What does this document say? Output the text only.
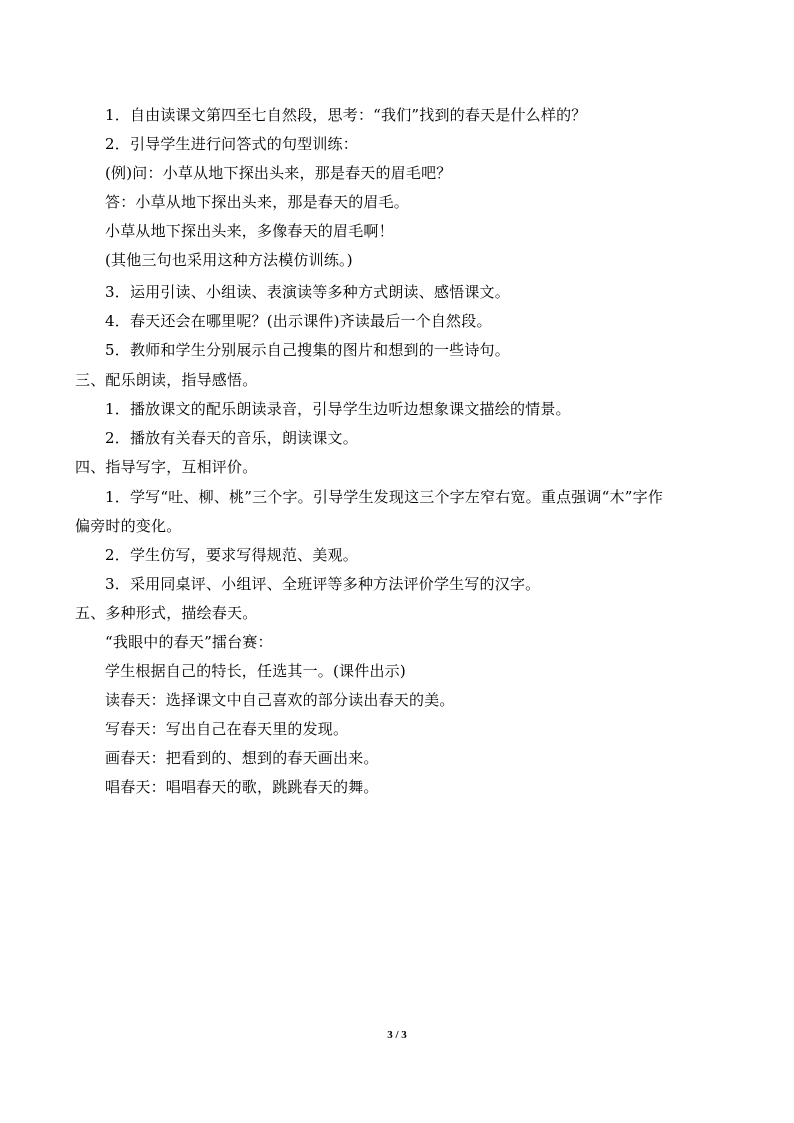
1．自由读课文第四至七自然段，思考：“我们”找到的春天是什么样的？
2．引导学生进行问答式的句型训练：
(例)问：小草从地下探出头来，那是春天的眉毛吧？
答：小草从地下探出头来，那是春天的眉毛。
小草从地下探出头来，多像春天的眉毛啊！
(其他三句也采用这种方法模仿训练。)
3．运用引读、小组读、表演读等多种方式朗读、感悟课文。
4．春天还会在哪里呢？(出示课件)齐读最后一个自然段。
5．教师和学生分别展示自己搜集的图片和想到的一些诗句。
三、配乐朗读，指导感悟。
1．播放课文的配乐朗读录音，引导学生边听边想象课文描绘的情景。
2．播放有关春天的音乐，朗读课文。
四、指导写字，互相评价。
1．学写“吐、柳、桃”三个字。引导学生发现这三个字左窄右宽。重点强调“木”字作
偏旁时的变化。
2．学生仿写，要求写得规范、美观。
3．采用同桌评、小组评、全班评等多种方法评价学生写的汉字。
五、多种形式，描绘春天。
“我眼中的春天”擂台赛：
学生根据自己的特长，任选其一。(课件出示)
读春天：选择课文中自己喜欢的部分读出春天的美。
写春天：写出自己在春天里的发现。
画春天：把看到的、想到的春天画出来。
唱春天：唱唱春天的歌，跳跳春天的舞。
3 / 3
